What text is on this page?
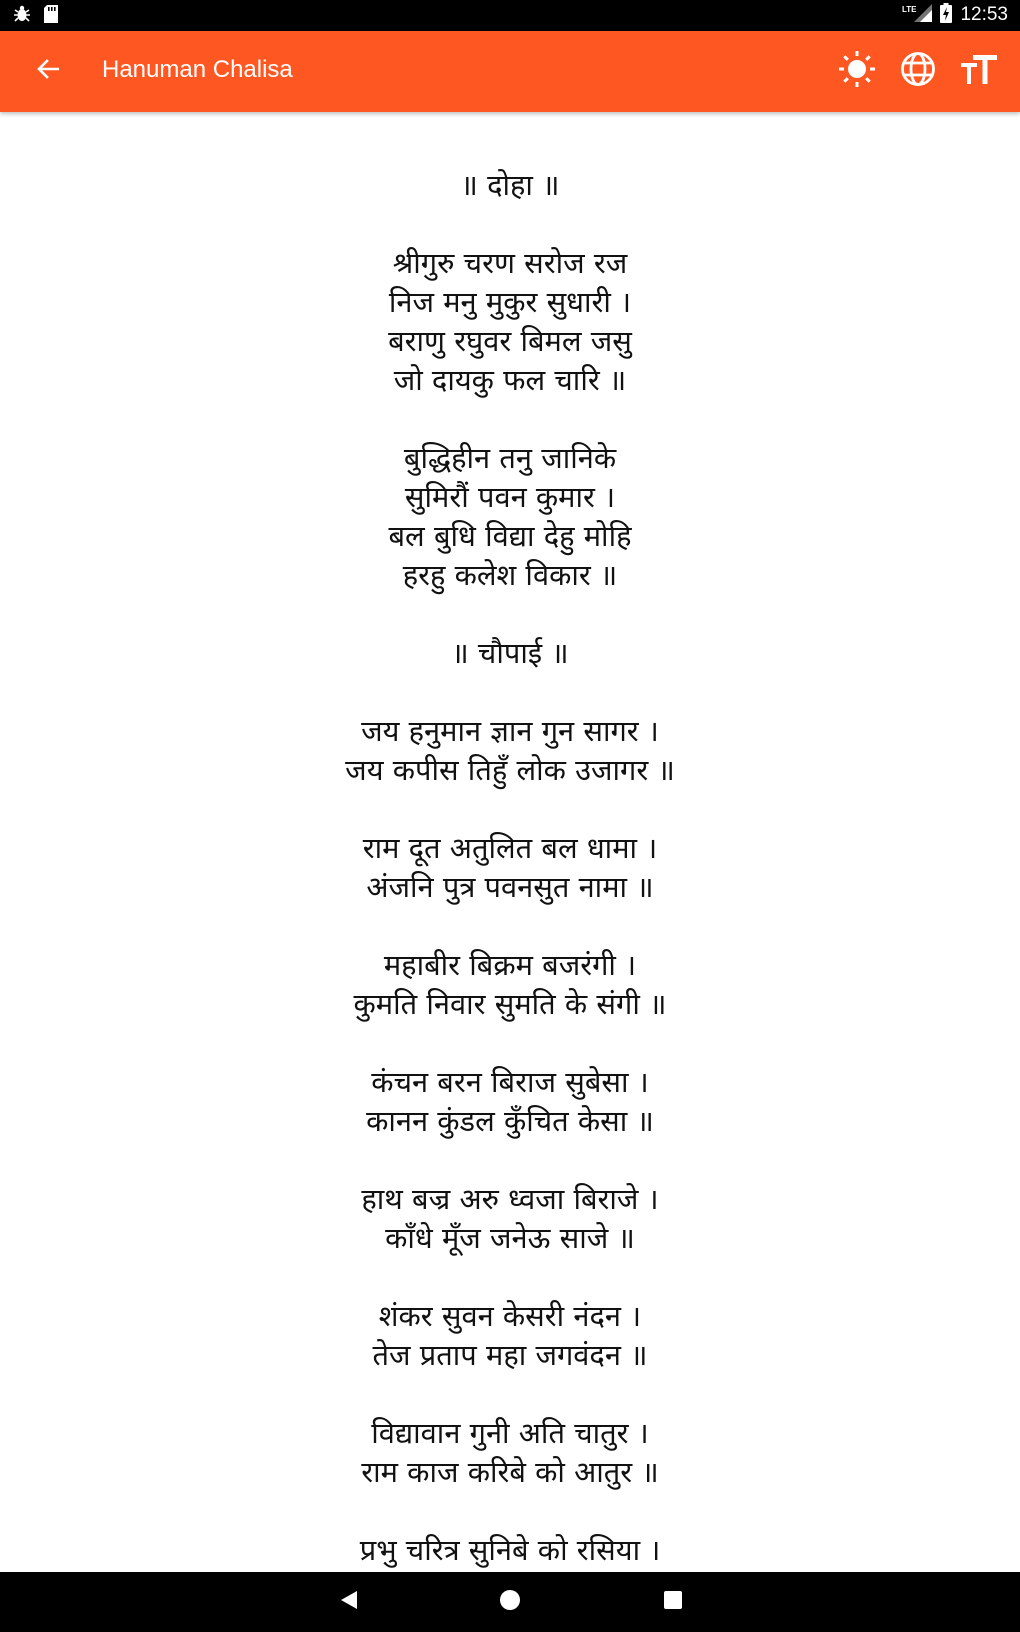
LTE 12:53
Hanuman Chalisa
॥ दोहा ॥
श्रीगुरु चरण सरोज रज
निज मनु मुकुर सुधारी ।
बराणु रघुवर बिमल जसु
जो दायकु फल चारि ॥
बुद्धिहीन तनु जानिके
सुमिरौं पवन कुमार ।
बल बुधि विद्या देहु मोहि
हरहु कलेश विकार ॥
॥ चौपाई ॥
जय हनुमान ज्ञान गुन सागर ।
जय कपीस तिहुँ लोक उजागर ॥
राम दूत अतुलित बल धामा ।
अंजनि पुत्र पवनसुत नामा ॥
महाबीर बिक्रम बजरंगी ।
कुमति निवार सुमति के संगी ॥
कंचन बरन बिराज सुबेसा ।
कानन कुंडल कुँचित केसा ॥
हाथ बज्र अरु ध्वजा बिराजे ।
काँधे मूँज जनेऊ साजे ॥
शंकर सुवन केसरी नंदन ।
तेज प्रताप महा जगवंदन ॥
विद्यावान गुनी अति चातुर ।
राम काज करिबे को आतुर ॥
प्रभु चरित्र सुनिबे को रसिया ।
